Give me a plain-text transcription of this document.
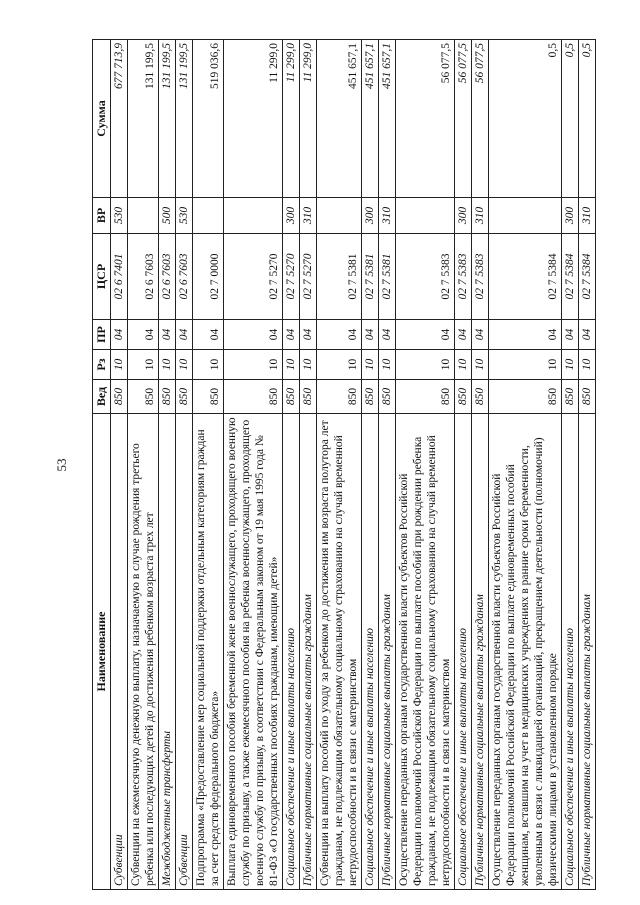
53
Наименование	Вед	Рз	ПР	ЦСР	ВР	Сумма
Субвенции	850	10	04	02 6 7401	530	677 713,9
Субвенции на ежемесячную денежную выплату, назначаемую в случае рождения третьего ребенка или последующих детей до достижения ребенком возраста трех лет	850	10	04	02 6 7603		131 199,5
Межбюджетные трансферты	850	10	04	02 6 7603	500	131 199,5
Субвенции	850	10	04	02 6 7603	530	131 199,5
Подпрограмма «Предоставление мер социальной поддержки отдельным категориям граждан за счет средств федерального бюджета»	850	10	04	02 7 0000		519 036,6
Выплата единовременного пособия беременной жене военнослужащего, проходящего военную службу по призыву, а также ежемесячного пособия на ребенка военнослужащего, проходящего военную службу по призыву, в соответствии с Федеральным законом от 19 мая 1995 года № 81-ФЗ «О государственных пособиях гражданам, имеющим детей»	850	10	04	02 7 5270		11 299,0
Социальное обеспечение и иные выплаты населению	850	10	04	02 7 5270	300	11 299,0
Публичные нормативные социальные выплаты гражданам	850	10	04	02 7 5270	310	11 299,0
Субвенции на выплату пособий по уходу за ребенком до достижения им возраста полутора лет гражданам, не подлежащим обязательному социальному страхованию на случай временной нетрудоспособности и в связи с материнством	850	10	04	02 7 5381		451 657,1
Социальное обеспечение и иные выплаты населению	850	10	04	02 7 5381	300	451 657,1
Публичные нормативные социальные выплаты гражданам	850	10	04	02 7 5381	310	451 657,1
Осуществление переданных органам государственной власти субъектов Российской Федерации полномочий Российской Федерации по выплате пособий при рождении ребенка гражданам, не подлежащим обязательному социальному страхованию на случай временной нетрудоспособности и в связи с материнством	850	10	04	02 7 5383		56 077,5
Социальное обеспечение и иные выплаты населению	850	10	04	02 7 5383	300	56 077,5
Публичные нормативные социальные выплаты гражданам	850	10	04	02 7 5383	310	56 077,5
Осуществление переданных органам государственной власти субъектов Российской Федерации полномочий Российской Федерации по выплате единовременных пособий женщинам, вставшим на учет в медицинских учреждениях в ранние сроки беременности, уволенным в связи с ликвидацией организаций, прекращением деятельности (полномочий) физическими лицами в установленном порядке	850	10	04	02 7 5384		0,5
Социальное обеспечение и иные выплаты населению	850	10	04	02 7 5384	300	0,5
Публичные нормативные социальные выплаты гражданам	850	10	04	02 7 5384	310	0,5
